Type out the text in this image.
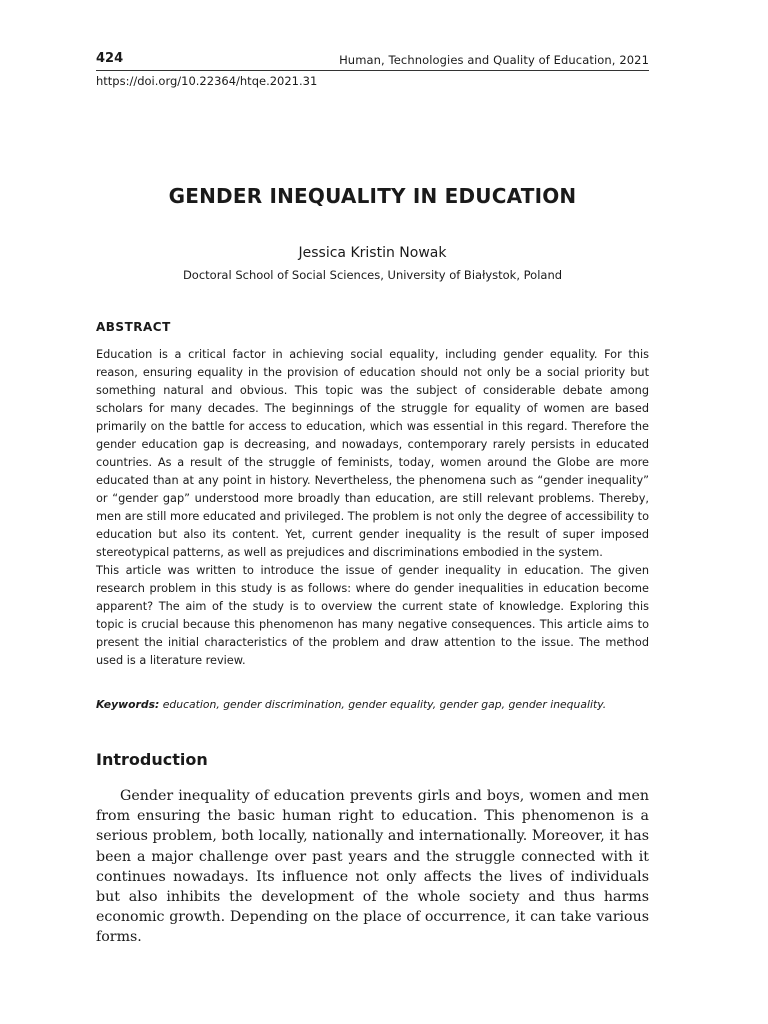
424	Human, Technologies and Quality of Education, 2021
https://doi.org/10.22364/htqe.2021.31
GENDER INEQUALITY IN EDUCATION
Jessica Kristin Nowak
Doctoral School of Social Sciences, University of Białystok, Poland
ABSTRACT

Education is a critical factor in achieving social equality, including gender equality. For this reason, ensuring equality in the provision of education should not only be a social priority but something natural and obvious. This topic was the subject of considerable debate among scholars for many decades. The beginnings of the struggle for equality of women are based primarily on the battle for access to education, which was essential in this regard. Therefore the gender education gap is decreasing, and nowadays, contemporary rarely persists in educated countries. As a result of the struggle of feminists, today, women around the Globe are more educated than at any point in history. Nevertheless, the phenomena such as “gender inequality” or “gender gap” understood more broadly than education, are still relevant problems. Thereby, men are still more educated and privileged. The problem is not only the degree of accessibility to education but also its content. Yet, current gender inequality is the result of super imposed stereotypical patterns, as well as prejudices and discriminations embodied in the system.

This article was written to introduce the issue of gender inequality in education. The given research problem in this study is as follows: where do gender inequalities in education become apparent? The aim of the study is to overview the current state of knowledge. Exploring this topic is crucial because this phenomenon has many negative consequences. This article aims to present the initial characteristics of the problem and draw attention to the issue. The method used is a literature review.

Keywords: education, gender discrimination, gender equality, gender gap, gender inequality.
Introduction

Gender inequality of education prevents girls and boys, women and men from ensuring the basic human right to education. This phenomenon is a serious problem, both locally, nationally and internationally. Moreover, it has been a major challenge over past years and the struggle connected with it continues nowadays. Its influence not only affects the lives of individuals but also inhibits the development of the whole society and thus harms economic growth. Depending on the place of occurrence, it can take various forms.
